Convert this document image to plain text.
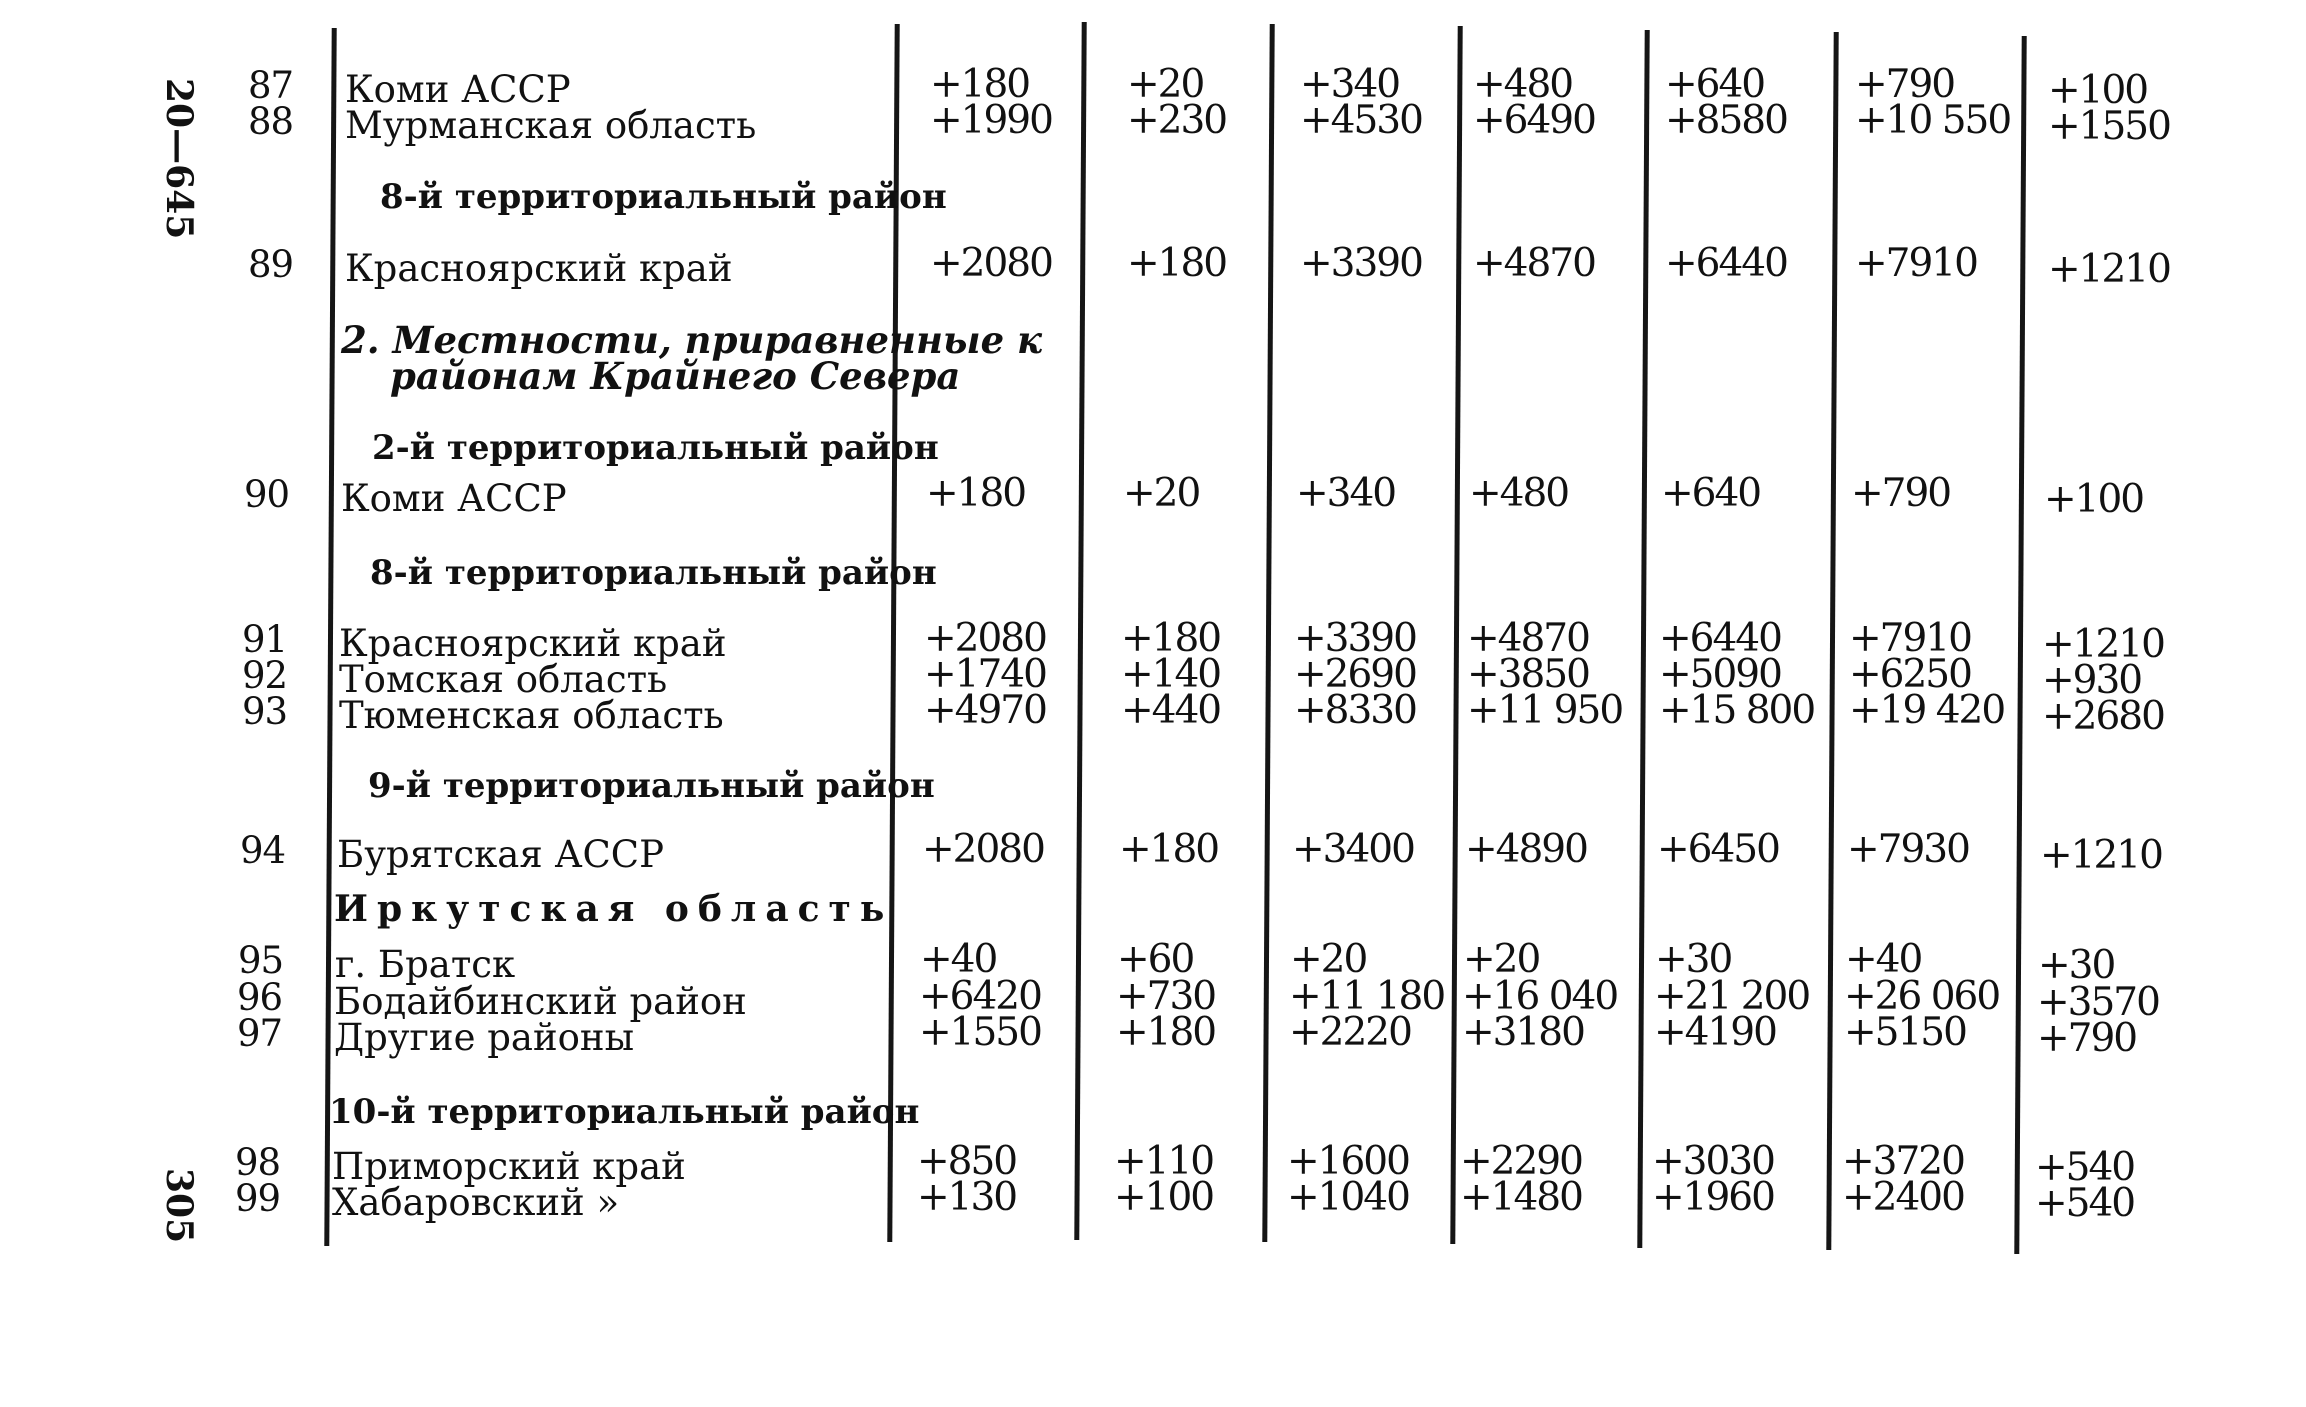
20—645
305
8-й территориальный район
2. Местности, приравненные к
районам Крайнего Севера
2-й территориальный район
8-й территориальный район
9-й территориальный район
Иркутская область
10-й территориальный район
87 Коми АССР	+180	+20 +340 +480 +640 +790 +100
88 Мурманская область	+1990 +230 +4530 +6490 +8580 +10 550 +1550
89 Красноярский край	+2080 +180 +3390 +4870 +6440 +7910 +1210
90 Коми АССР	+180	+20 +340 +480 +640 +790 +100
91 Красноярский край	+2080 +180 +3390 +4870 +6440 +7910 +1210
92 Томская область	+1740 +140 +2690 +3850 +5090 +6250 +930
93 Тюменская область	+4970 +440 +8330 +11 950 +15 800 +19 420 +2680
94 Бурятская АССР	+2080 +180 +3400 +4890 +6450 +7930 +1210
95 г. Братск	+40	+60 +20 +20	+30	+40	+30
96 Бодайбинский район	+6420 +730 +11 180 +16 040 +21 200 +26 060 +3570
97 Другие районы	+1550 +180 +2220 +3180 +4190 +5150 +790
98 Приморский край	+850	+110 +1600 +2290 +3030 +3720 +540
99 Хабаровский »	+130	+100 +1040 +1480 +1960 +2400 +540
